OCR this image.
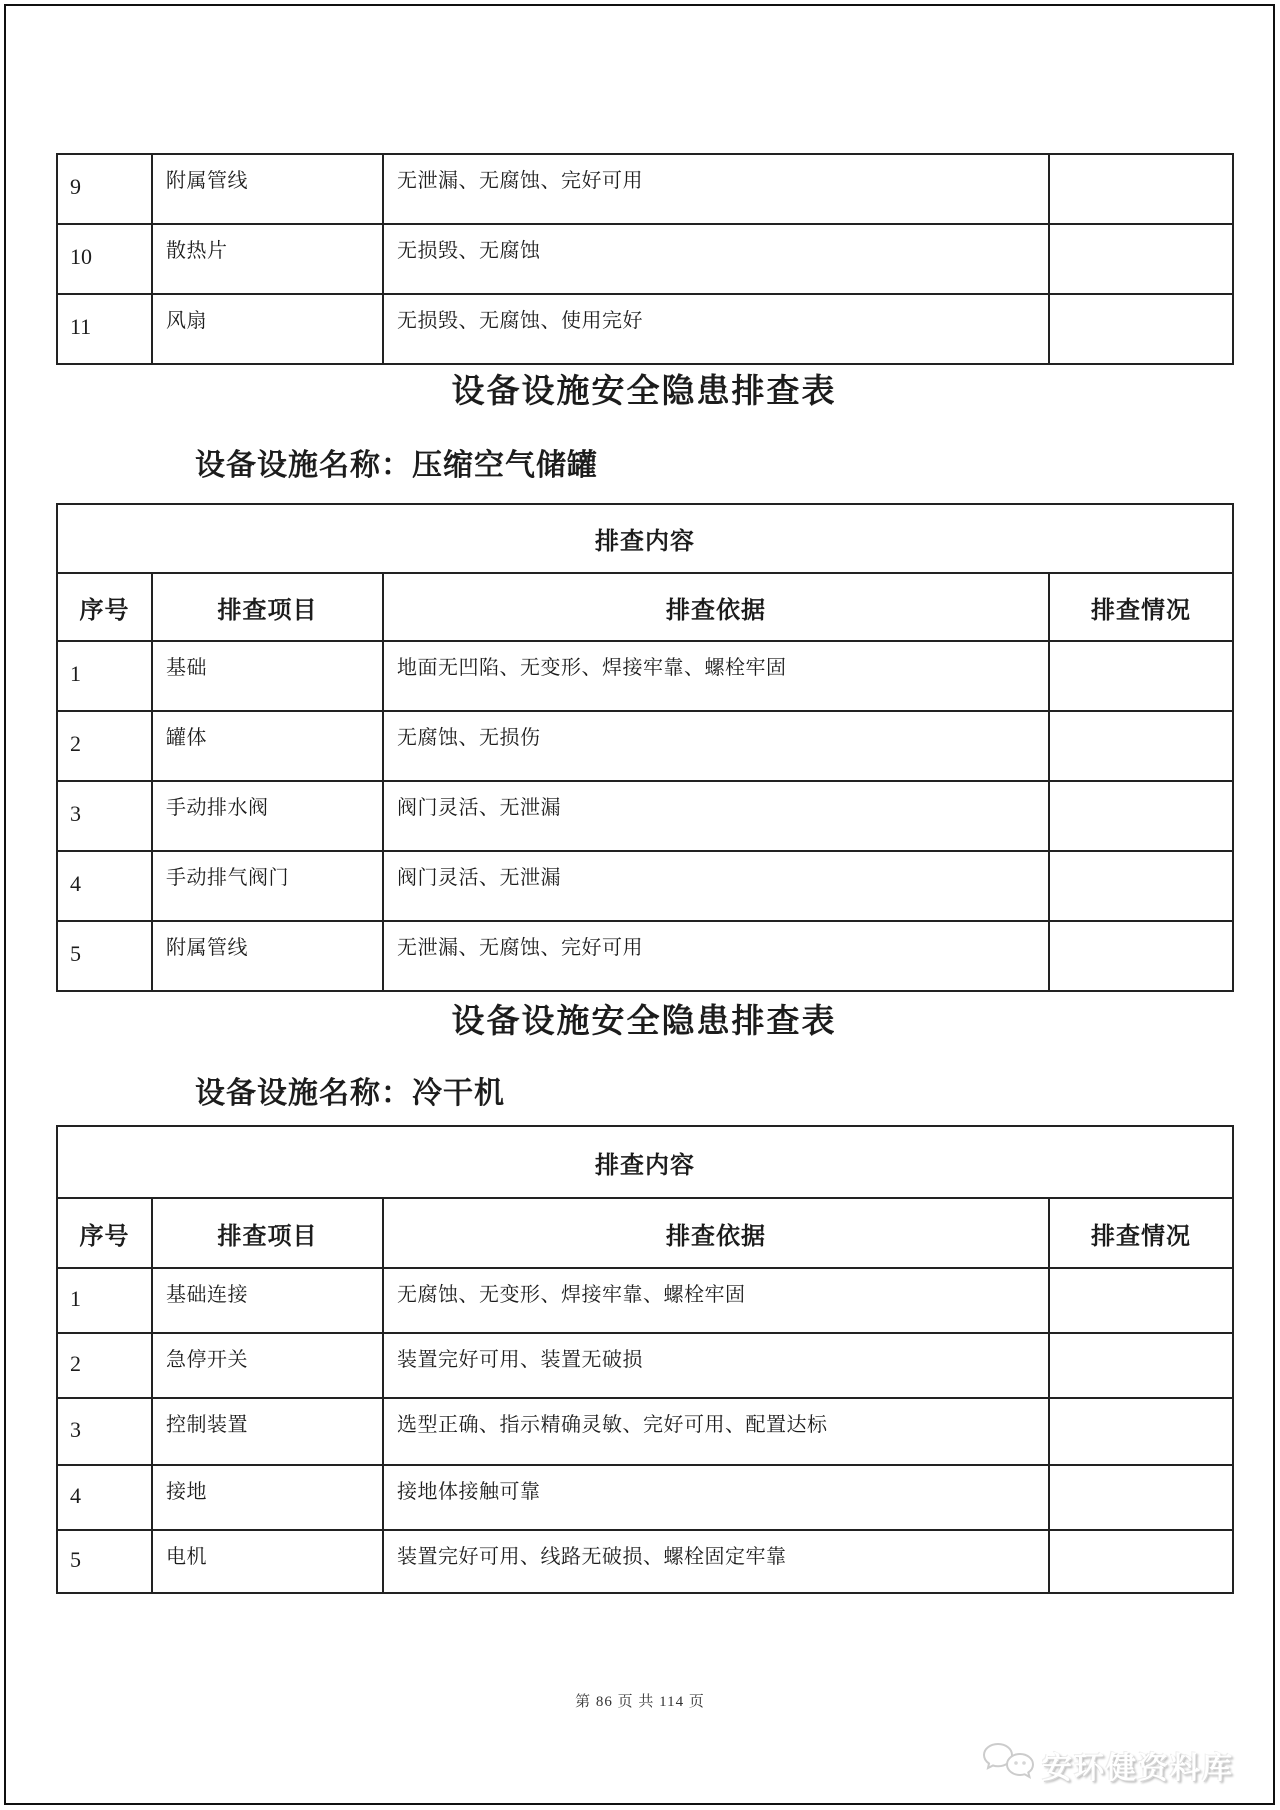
9	附属管线	无泄漏、无腐蚀、完好可用	
10	散热片	无损毁、无腐蚀	
11	风扇	无损毁、无腐蚀、使用完好	
设备设施安全隐患排查表
设备设施名称：压缩空气储罐
排查内容			
序号	排查项目	排查依据	排查情况
1	基础	地面无凹陷、无变形、焊接牢靠、螺栓牢固	
2	罐体	无腐蚀、无损伤	
3	手动排水阀	阀门灵活、无泄漏	
4	手动排气阀门	阀门灵活、无泄漏	
5	附属管线	无泄漏、无腐蚀、完好可用	
设备设施安全隐患排查表
设备设施名称：冷干机
排查内容			
序号	排查项目	排查依据	排查情况
1	基础连接	无腐蚀、无变形、焊接牢靠、螺栓牢固	
2	急停开关	装置完好可用、装置无破损	
3	控制装置	选型正确、指示精确灵敏、完好可用、配置达标	
4	接地	接地体接触可靠	
5	电机	装置完好可用、线路无破损、螺栓固定牢靠	
第 86 页 共 114 页
安环健资料库
